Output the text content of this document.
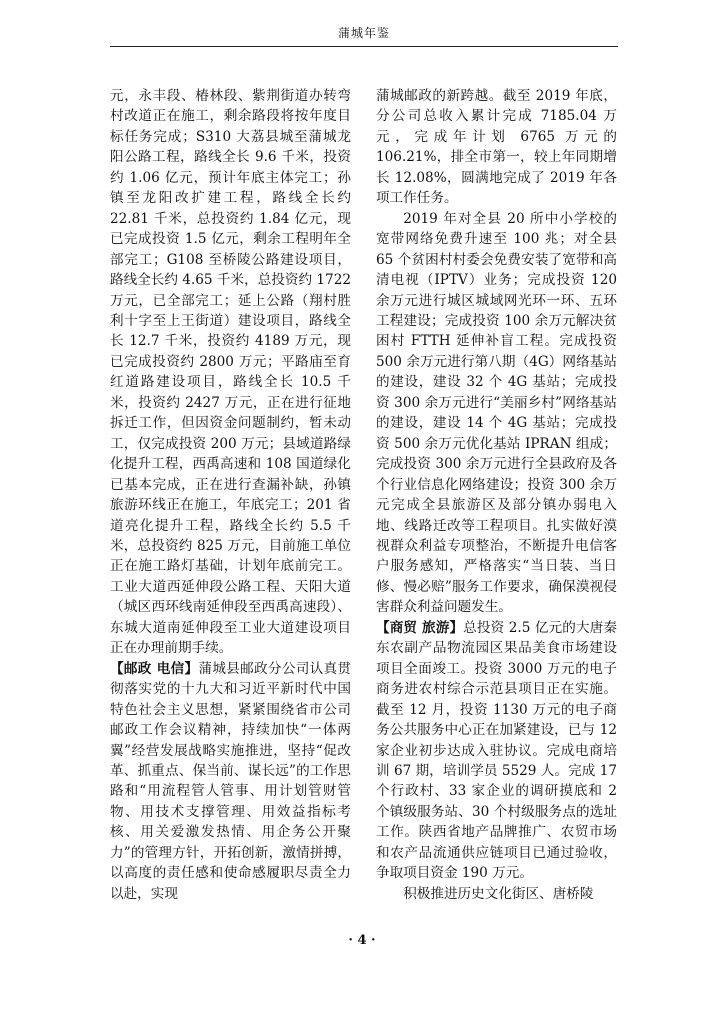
蒲城年鉴

元，永丰段、椿林段、紫荆街道办转弯村改道正在施工，剩余路段将按年度目标任务完成；S310 大荔县城至蒲城龙阳公路工程，路线全长 9.6 千米，投资约 1.06 亿元，预计年底主体完工；孙镇至龙阳改扩建工程，路线全长约 22.81 千米，总投资约 1.84 亿元，现已完成投资 1.5 亿元，剩余工程明年全部完工；G108 至桥陵公路建设项目，路线全长约 4.65 千米，总投资约 1722 万元，已全部完工；延上公路（翔村胜利十字至上王街道）建设项目，路线全长 12.7 千米，投资约 4189 万元，现已完成投资约 2800 万元；平路庙至育红道路建设项目，路线全长 10.5 千米，投资约 2427 万元，正在进行征地拆迁工作，但因资金问题制约，暂未动工，仅完成投资 200 万元；县域道路绿化提升工程，西禹高速和 108 国道绿化已基本完成，正在进行查漏补缺，孙镇旅游环线正在施工，年底完工；201 省道亮化提升工程，路线全长约 5.5 千米，总投资约 825 万元，目前施工单位正在施工路灯基础，计划年底前完工。工业大道西延伸段公路工程、天阳大道（城区西环线南延伸段至西禹高速段）、东城大道南延伸段至工业大道建设项目正在办理前期手续。

【邮政 电信】蒲城县邮政分公司认真贯彻落实党的十九大和习近平新时代中国特色社会主义思想，紧紧围绕省市公司邮政工作会议精神，持续加快“一体两翼”经营发展战略实施推进，坚持“促改革、抓重点、保当前、谋长远”的工作思路和“用流程管人管事、用计划管财管物、用技术支撑管理、用效益指标考核、用关爱激发热情、用企务公开聚力”的管理方针，开拓创新，激情拼搏，以高度的责任感和使命感履职尽责全力以赴，实现

蒲城邮政的新跨越。截至 2019 年底，分公司总收入累计完成 7185.04 万元，完成年计划 6765 万元的 106.21%，排全市第一，较上年同期增长 12.08%，圆满地完成了 2019 年各项工作任务。

2019 年对全县 20 所中小学校的宽带网络免费升速至 100 兆；对全县 65 个贫困村村委会免费安装了宽带和高清电视（IPTV）业务；完成投资 120 余万元进行城区城域网光环一环、五环工程建设；完成投资 100 余万元解决贫困村 FTTH 延伸补盲工程。完成投资 500 余万元进行第八期（4G）网络基站的建设，建设 32 个 4G 基站；完成投资 300 余万元进行“美丽乡村”网络基站的建设，建设 14 个 4G 基站；完成投资 500 余万元优化基站 IPRAN 组成；完成投资 300 余万元进行全县政府及各个行业信息化网络建设；投资 300 余万元完成全县旅游区及部分镇办弱电入地、线路迁改等工程项目。扎实做好漠视群众利益专项整治，不断提升电信客户服务感知，严格落实“当日装、当日修、慢必赔”服务工作要求，确保漠视侵害群众利益问题发生。

【商贸 旅游】总投资 2.5 亿元的大唐秦东农副产品物流园区果品美食市场建设项目全面竣工。投资 3000 万元的电子商务进农村综合示范县项目正在实施。截至 12 月，投资 1130 万元的电子商务公共服务中心正在加紧建设，已与 12 家企业初步达成入驻协议。完成电商培训 67 期，培训学员 5529 人。完成 17 个行政村、33 家企业的调研摸底和 2 个镇级服务站、30 个村级服务点的选址工作。陕西省地产品牌推广、农贸市场和农产品流通供应链项目已通过验收，争取项目资金 190 万元。

积极推进历史文化街区、唐桥陵

· 4 ·
